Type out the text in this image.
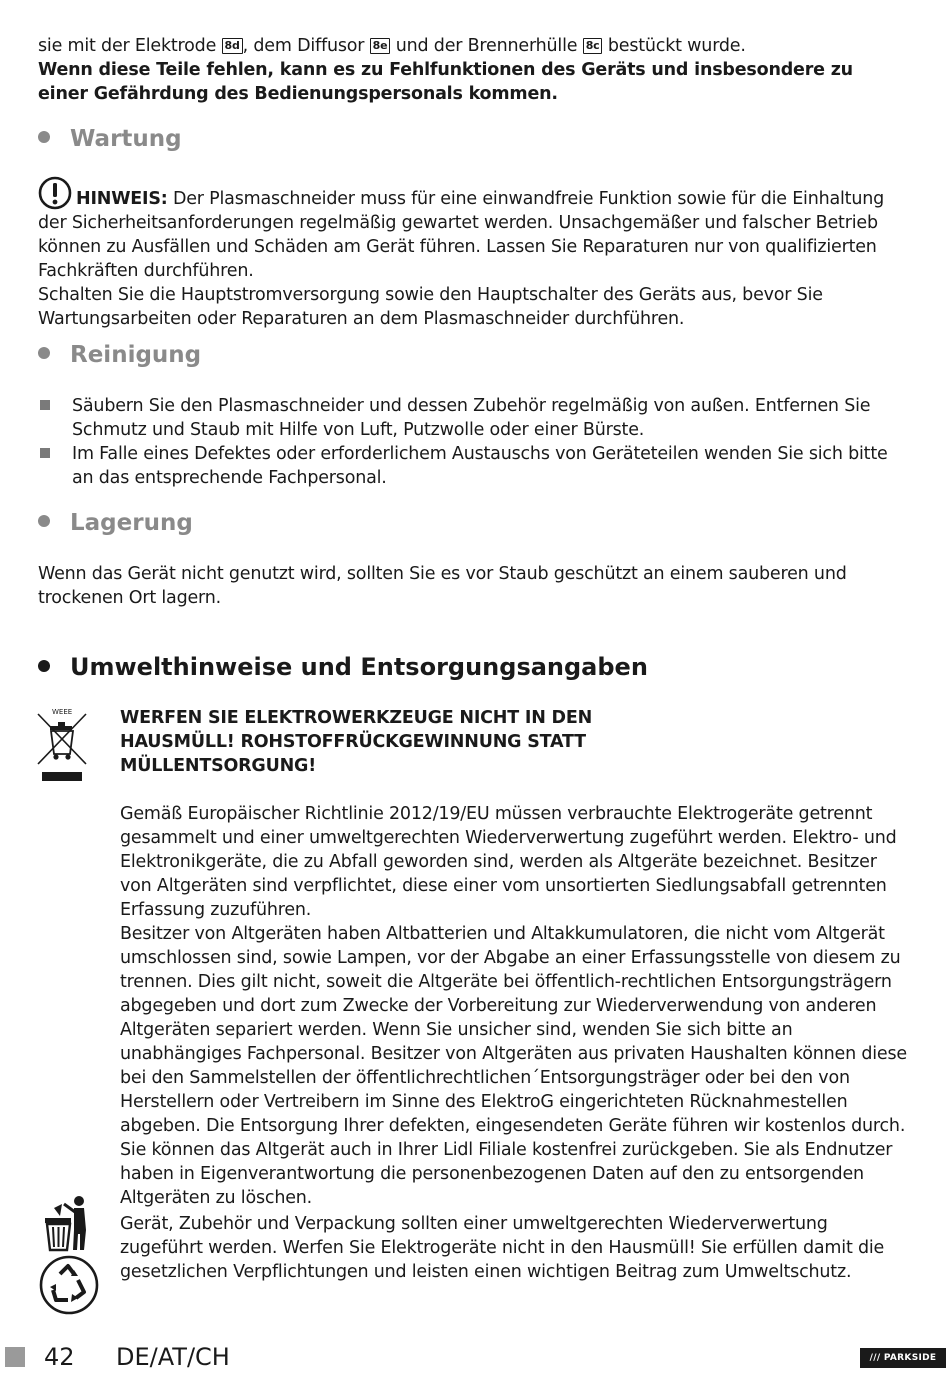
sie mit der Elektrode 8d , dem Diffusor 8e und der Brennerhülle 8c bestückt wurde.

Wenn diese Teile fehlen, kann es zu Fehlfunktionen des Geräts und insbesondere zu einer Gefährdung des Bedienungspersonals kommen.

Wartung

HINWEIS: Der Plasmaschneider muss für eine einwandfreie Funktion sowie für die Einhaltung der Sicherheitsanforderungen regelmäßig gewartet werden. Unsachgemäßer und falscher Betrieb können zu Ausfällen und Schäden am Gerät führen. Lassen Sie Reparaturen nur von qualifizierten Fachkräften durchführen.

Schalten Sie die Hauptstromversorgung sowie den Hauptschalter des Geräts aus, bevor Sie Wartungsarbeiten oder Reparaturen an dem Plasmaschneider durchführen.

Reinigung
Säubern Sie den Plasmaschneider und dessen Zubehör regelmäßig von außen. Entfernen Sie Schmutz und Staub mit Hilfe von Luft, Putzwolle oder einer Bürste.
Im Falle eines Defektes oder erforderlichem Austauschs von Geräteteilen wenden Sie sich bitte an das entsprechende Fachpersonal.
Lagerung

Wenn das Gerät nicht genutzt wird, sollten Sie es vor Staub geschützt an einem sauberen und trockenen Ort lagern.

Umwelthinweise und Entsorgungsangaben
WEEE	WERFEN SIE ELEKTROWERKZEUGE NICHT IN DEN HAUSMÜLL! ROHSTOFFRÜCKGEWINNUNG STATT MÜLLENTSORGUNG!

Gemäß Europäischer Richtlinie 2012/19/EU müssen verbrauchte Elektrogeräte getrennt gesammelt und einer umweltgerechten Wiederverwertung zugeführt werden. Elektro- und Elektronikgeräte, die zu Abfall geworden sind, werden als Altgeräte bezeichnet. Besitzer von Altgeräten sind verpflichtet, diese einer vom unsortierten Siedlungsabfall getrennten Erfassung zuzuführen.

Besitzer von Altgeräten haben Altbatterien und Altakkumulatoren, die nicht vom Altgerät umschlossen sind, sowie Lampen, vor der Abgabe an einer Erfassungsstelle von diesem zu trennen. Dies gilt nicht, soweit die Altgeräte bei öffentlich-rechtlichen Entsorgungsträgern abgegeben und dort zum Zwecke der Vorbereitung zur Wiederverwendung von anderen Altgeräten separiert werden. Wenn Sie unsicher sind, wenden Sie sich bitte an unabhängiges Fachpersonal. Besitzer von Altgeräten aus privaten Haushalten können diese bei den Sammelstellen der öffentlichrechtlichen´Entsorgungsträger oder bei den von Herstellern oder Vertreibern im Sinne des ElektroG eingerichteten Rücknahmestellen abgeben. Die Entsorgung Ihrer defekten, eingesendeten Geräte führen wir kostenlos durch. Sie können das Altgerät auch in Ihrer Lidl Filiale kostenfrei zurückgeben. Sie als Endnutzer haben in Eigenverantwortung die personenbezogenen Daten auf den zu entsorgenden Altgeräten zu löschen.

Gerät, Zubehör und Verpackung sollten einer umweltgerechten Wiederverwertung zugeführt werden. Werfen Sie Elektrogeräte nicht in den Hausmüll! Sie erfüllen damit die gesetzlichen Verpflichtungen und leisten einen wichtigen Beitrag zum Umweltschutz.

42 DE/AT/CH	/// PARKSIDE
